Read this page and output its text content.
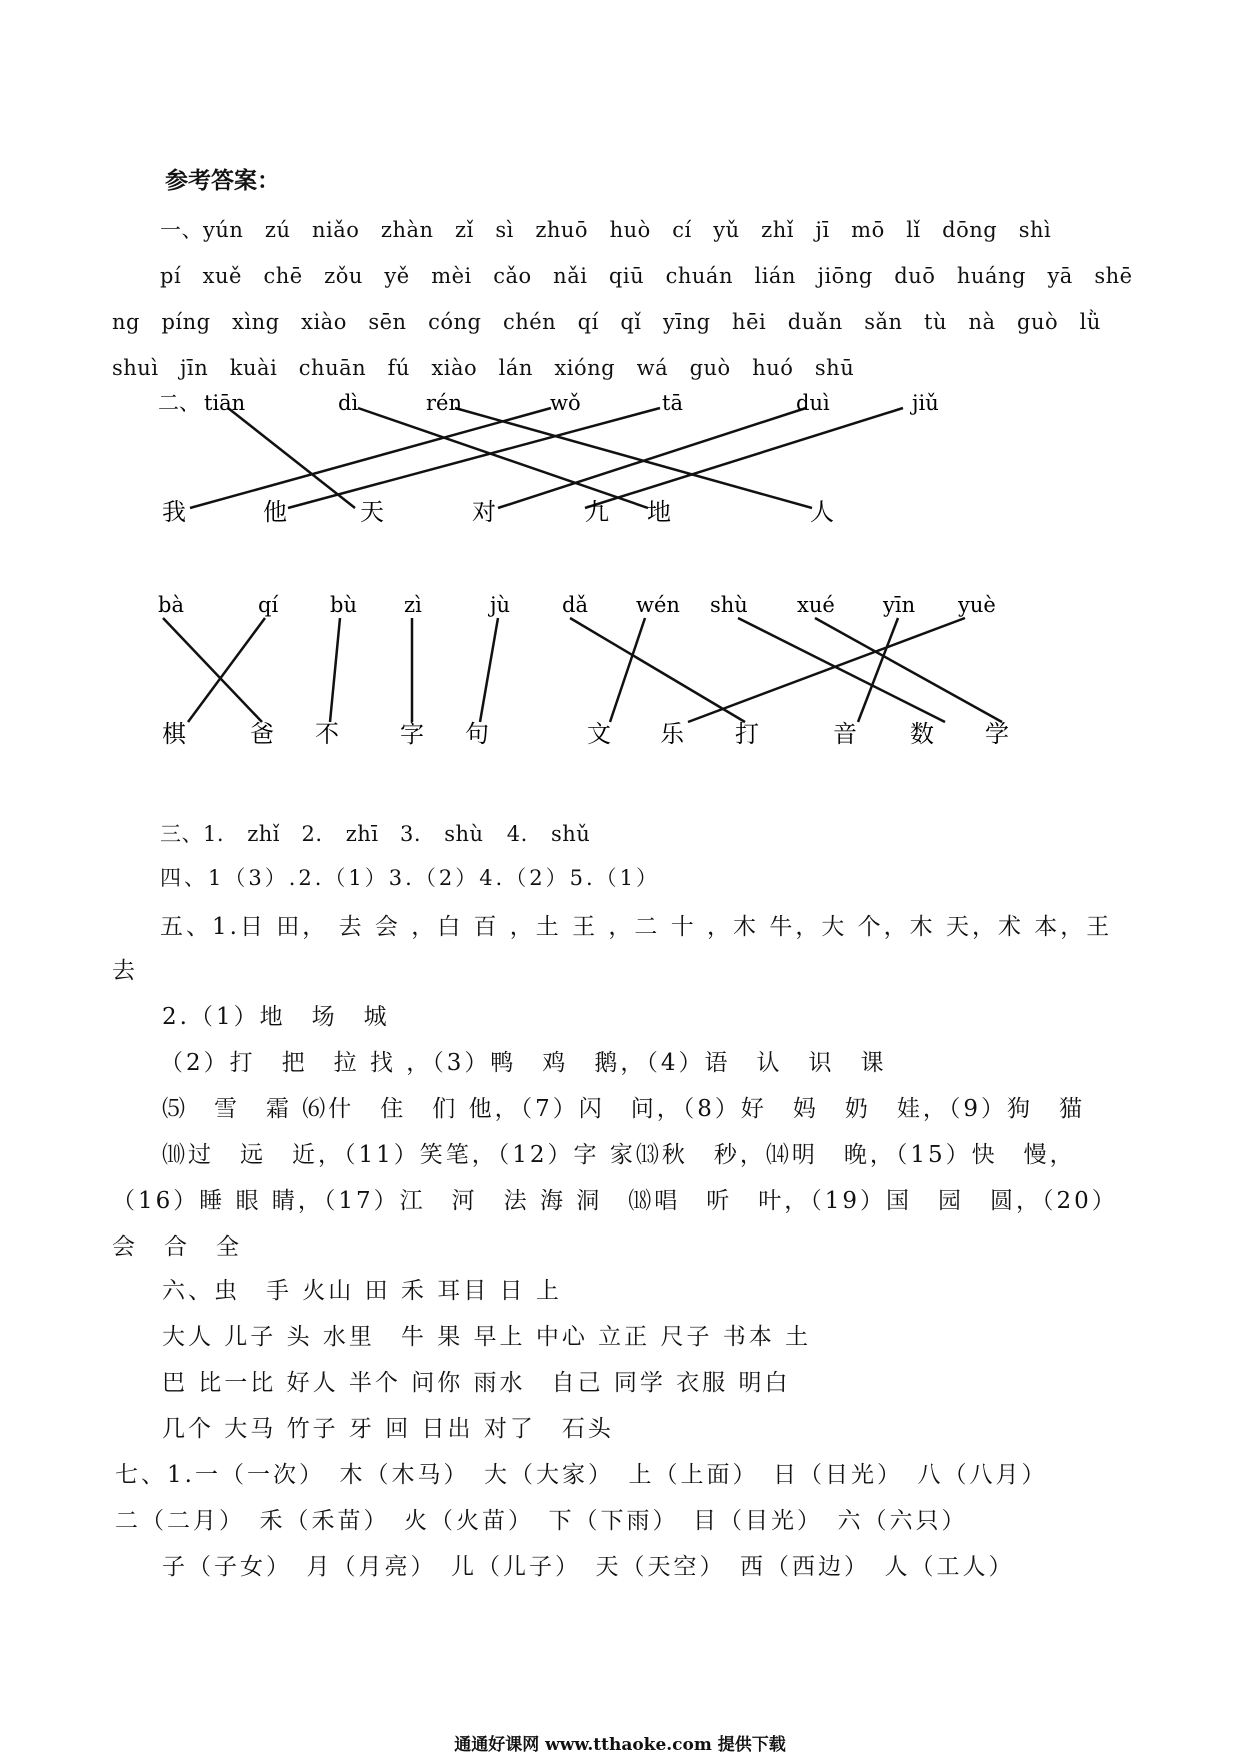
参考答案：
一、yún　zú　niǎo　zhàn　zǐ　sì　zhuō　huò　cí　yǔ　zhǐ　jī　mō　lǐ　dōng　shì
pí　xuě　chē　zǒu　yě　mèi　cǎo　nǎi　qiū　chuán　lián　jiōng　duō　huáng　yā　shē
ng　píng　xìng　xiào　sēn　cóng　chén　qí　qǐ　yīng　hēi　duǎn　sǎn　tù　nà　guò　lǜ
shuì　jīn　kuài　chuān　fú　xiào　lán　xióng　wá　guò　huó　shū
二、 tiān	dì	rén	wǒ	tā	duì	jiǔ
我	他	天	对	九 地	人
bà	qí bù zì	jù dǎ wén shù xué yīn yuè
棋	爸 不	字 句	文 乐 打	音 数 学
三、1. zhǐ　2. zhī　3. shù 4. shǔ
四、1（3）.2.（1）3.（2）4.（2）5.（1）
五、1.日 田， 去 会 ，白 百 ，土 王 ，二 十 ，木 牛，大 个，木 天，术 本，王
去
2.（1）地　场　城
（2）打　把　拉 找 ，（3）鸭　鸡　鹅，（4）语　认　识　课
⑸　雪　霜 ⑹什　住　们 他，（7）闪　问，（8）好　妈　奶　娃，（9）狗　猫
⑽过　远　近，（11）笑笔，（12）字 家⒀秋　秒，⒁明　晚，（15）快　慢，
（16）睡 眼 睛，（17）江　河　法 海 洞　⒅唱　听　叶，（19）国　园　圆，（20）
会　合　全
六、虫　手 火山 田 禾 耳目 日 上
大人 儿子 头 水里　牛 果 早上 中心 立正 尺子 书本 土
巴 比一比 好人 半个 问你 雨水　自己 同学 衣服 明白
几个 大马 竹子 牙 回 日出 对了　石头
七、1.一（一次）　木（木马）　大（大家）　上（上面）　日（日光）　八（八月）
二（二月）　禾（禾苗）　火（火苗）　下（下雨）　目（目光）　六（六只）
子（子女）　月（月亮）　儿（儿子）　天（天空）　西（西边）　人（工人）
通通好课网 www.tthaoke.com 提供下载
